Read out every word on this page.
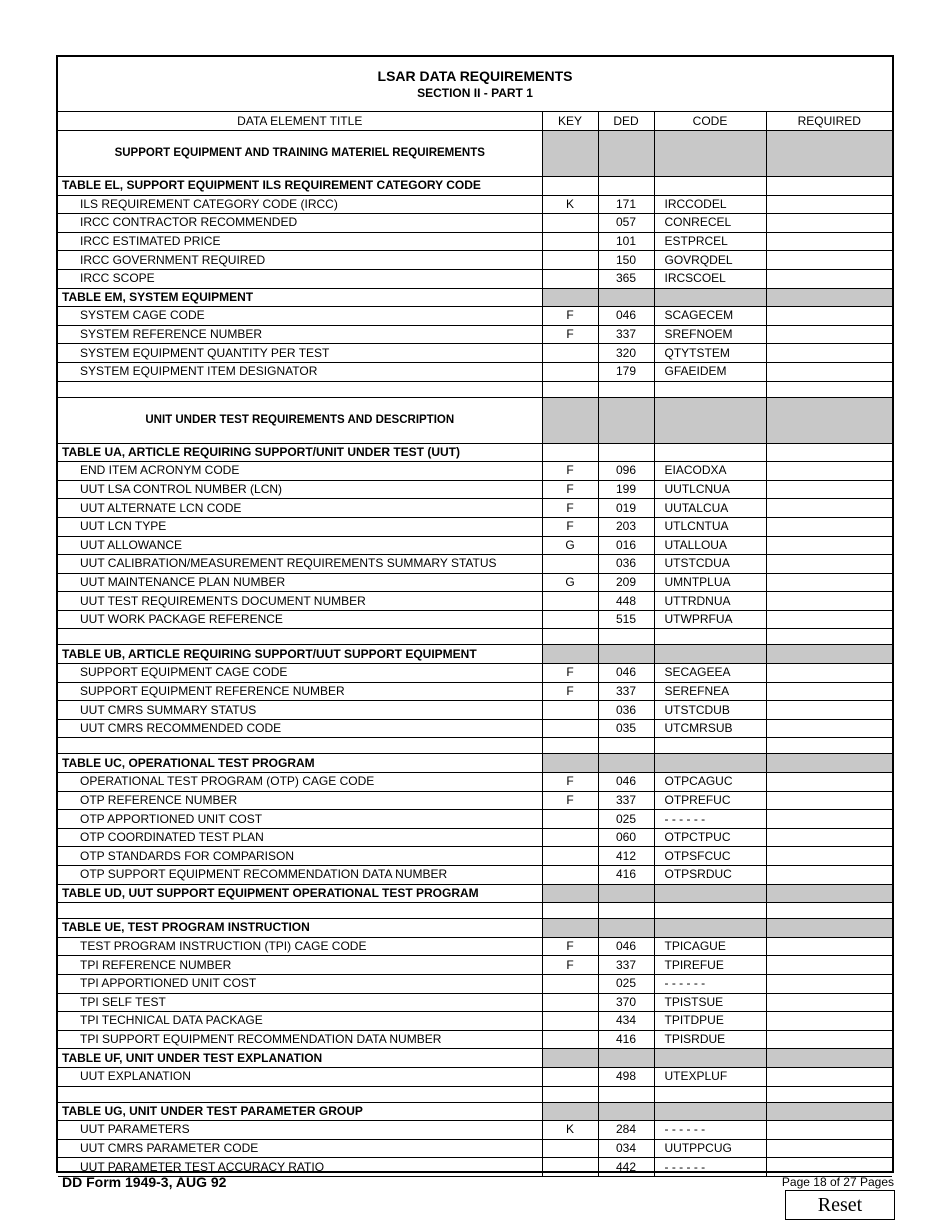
LSAR DATA REQUIREMENTS
SECTION II - PART 1
DATA ELEMENT TITLE	KEY	DED	CODE	REQUIRED
SUPPORT EQUIPMENT AND TRAINING MATERIEL REQUIREMENTS				
TABLE EL, SUPPORT EQUIPMENT ILS REQUIREMENT CATEGORY CODE				
ILS REQUIREMENT CATEGORY CODE (IRCC)	K	171	IRCCODEL	
IRCC CONTRACTOR RECOMMENDED		057	CONRECEL	
IRCC ESTIMATED PRICE		101	ESTPRCEL	
IRCC GOVERNMENT REQUIRED		150	GOVRQDEL	
IRCC SCOPE		365	IRCSCOEL	
TABLE EM, SYSTEM EQUIPMENT				
SYSTEM CAGE CODE	F	046	SCAGECEM	
SYSTEM REFERENCE NUMBER	F	337	SREFNOEM	
SYSTEM EQUIPMENT QUANTITY PER TEST		320	QTYTSTEM	
SYSTEM EQUIPMENT ITEM DESIGNATOR		179	GFAEIDEM	

UNIT UNDER TEST REQUIREMENTS AND DESCRIPTION				
TABLE UA, ARTICLE REQUIRING SUPPORT/UNIT UNDER TEST (UUT)				
END ITEM ACRONYM CODE	F	096	EIACODXA	
UUT LSA CONTROL NUMBER (LCN)	F	199	UUTLCNUA	
UUT ALTERNATE LCN CODE	F	019	UUTALCUA	
UUT LCN TYPE	F	203	UTLCNTUA	
UUT ALLOWANCE	G	016	UTALLOUA	
UUT CALIBRATION/MEASUREMENT REQUIREMENTS SUMMARY STATUS		036	UTSTCDUA	
UUT MAINTENANCE PLAN NUMBER	G	209	UMNTPLUA	
UUT TEST REQUIREMENTS DOCUMENT NUMBER		448	UTTRDNUA	
UUT WORK PACKAGE REFERENCE		515	UTWPRFUA	

TABLE UB, ARTICLE REQUIRING SUPPORT/UUT SUPPORT EQUIPMENT				
SUPPORT EQUIPMENT CAGE CODE	F	046	SECAGEEA	
SUPPORT EQUIPMENT REFERENCE NUMBER	F	337	SEREFNEA	
UUT CMRS SUMMARY STATUS		036	UTSTCDUB	
UUT CMRS RECOMMENDED CODE		035	UTCMRSUB	

TABLE UC, OPERATIONAL TEST PROGRAM				
OPERATIONAL TEST PROGRAM (OTP) CAGE CODE	F	046	OTPCAGUC	
OTP REFERENCE NUMBER	F	337	OTPREFUC	
OTP APPORTIONED UNIT COST		025	- - - - - -	
OTP COORDINATED TEST PLAN		060	OTPCTPUC	
OTP STANDARDS FOR COMPARISON		412	OTPSFCUC	
OTP SUPPORT EQUIPMENT RECOMMENDATION DATA NUMBER		416	OTPSRDUC	
TABLE UD, UUT SUPPORT EQUIPMENT OPERATIONAL TEST PROGRAM				

TABLE UE, TEST PROGRAM INSTRUCTION				
TEST PROGRAM INSTRUCTION (TPI) CAGE CODE	F	046	TPICAGUE	
TPI REFERENCE NUMBER	F	337	TPIREFUE	
TPI APPORTIONED UNIT COST		025	- - - - - -	
TPI SELF TEST		370	TPISTSUE	
TPI TECHNICAL DATA PACKAGE		434	TPITDPUE	
TPI SUPPORT EQUIPMENT RECOMMENDATION DATA NUMBER		416	TPISRDUE	
TABLE UF, UNIT UNDER TEST EXPLANATION				
UUT EXPLANATION		498	UTEXPLUF	

TABLE UG, UNIT UNDER TEST PARAMETER GROUP				
UUT PARAMETERS	K	284	- - - - - -	
UUT CMRS PARAMETER CODE		034	UUTPPCUG	
UUT PARAMETER TEST ACCURACY RATIO		442	- - - - - -	
DD Form 1949-3, AUG 92	Page 18 of 27 Pages
Reset
